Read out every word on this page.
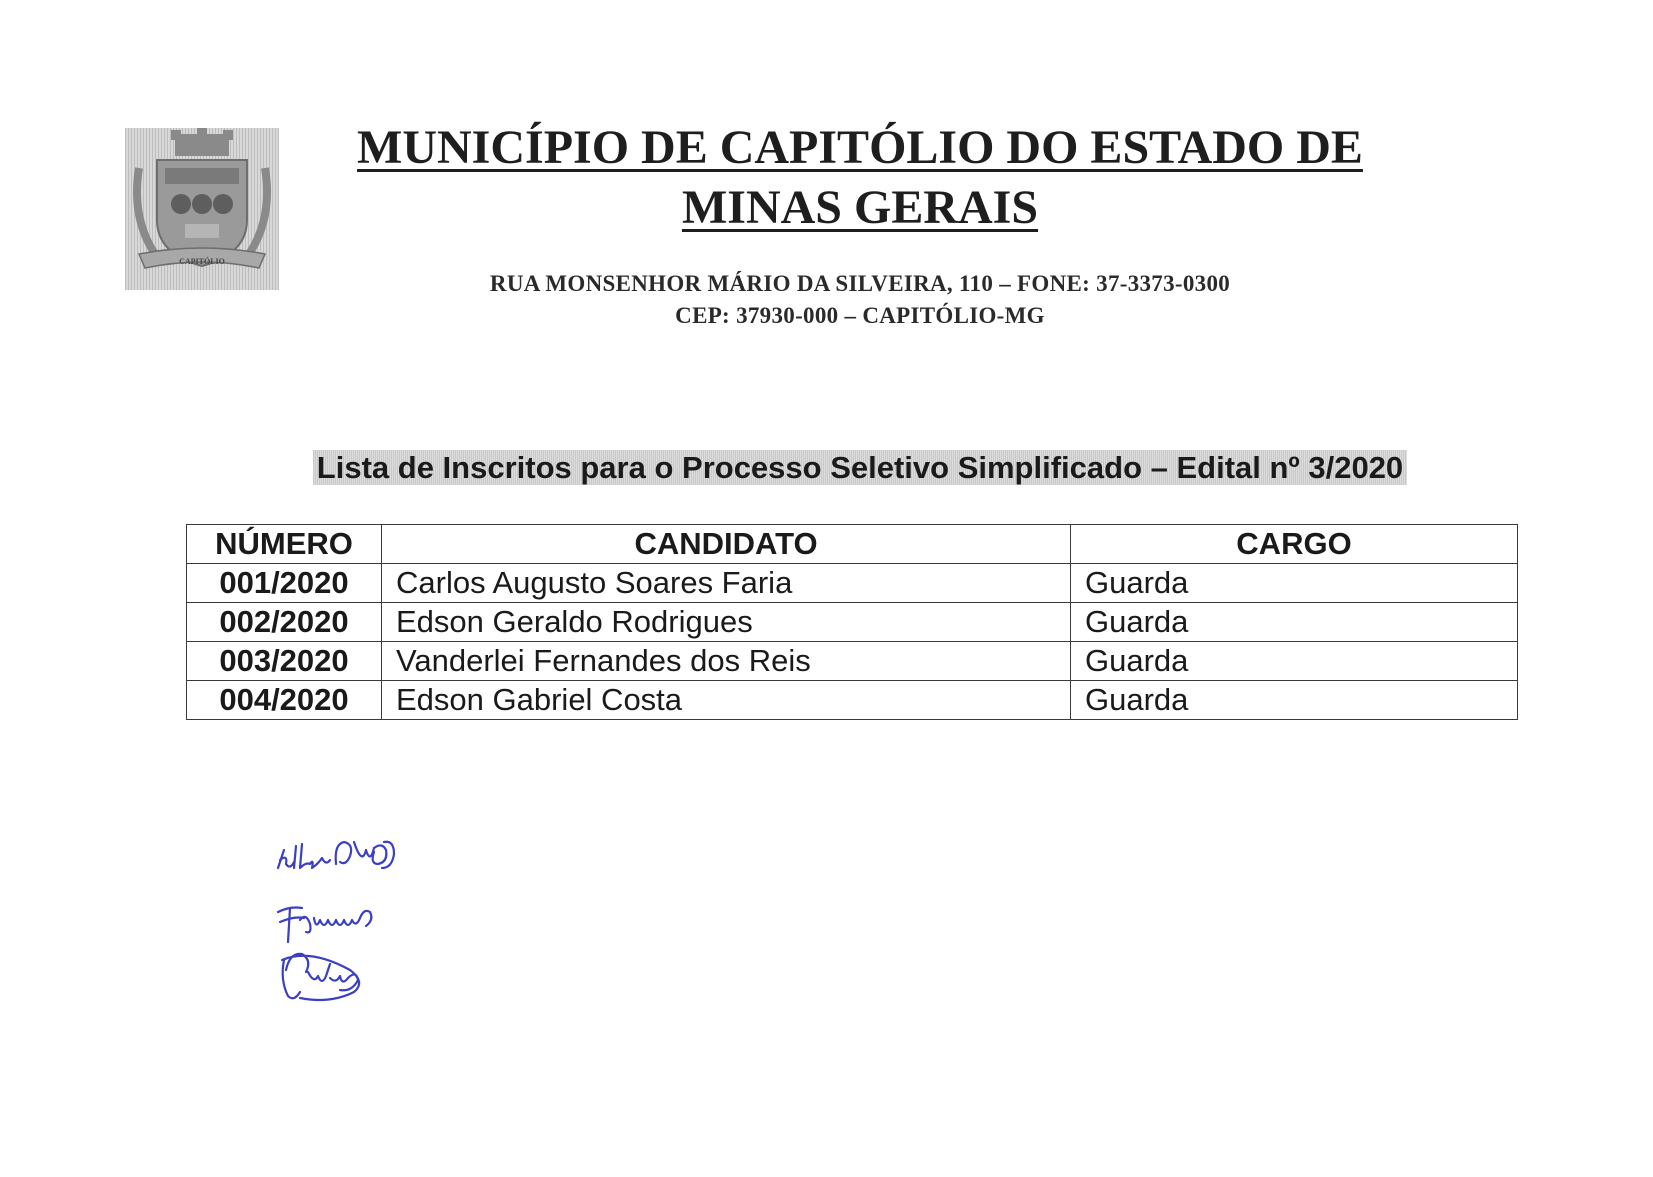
CAPITÓLIO
MUNICÍPIO DE CAPITÓLIO DO ESTADO DE
MINAS GERAIS
RUA MONSENHOR MÁRIO DA SILVEIRA, 110 – FONE: 37-3373-0300
CEP: 37930-000 – CAPITÓLIO-MG
Lista de Inscritos para o Processo Seletivo Simplificado – Edital nº 3/2020
NÚMERO	CANDIDATO	CARGO
001/2020	Carlos Augusto Soares Faria	Guarda
002/2020	Edson Geraldo Rodrigues	Guarda
003/2020	Vanderlei Fernandes dos Reis	Guarda
004/2020	Edson Gabriel Costa	Guarda
